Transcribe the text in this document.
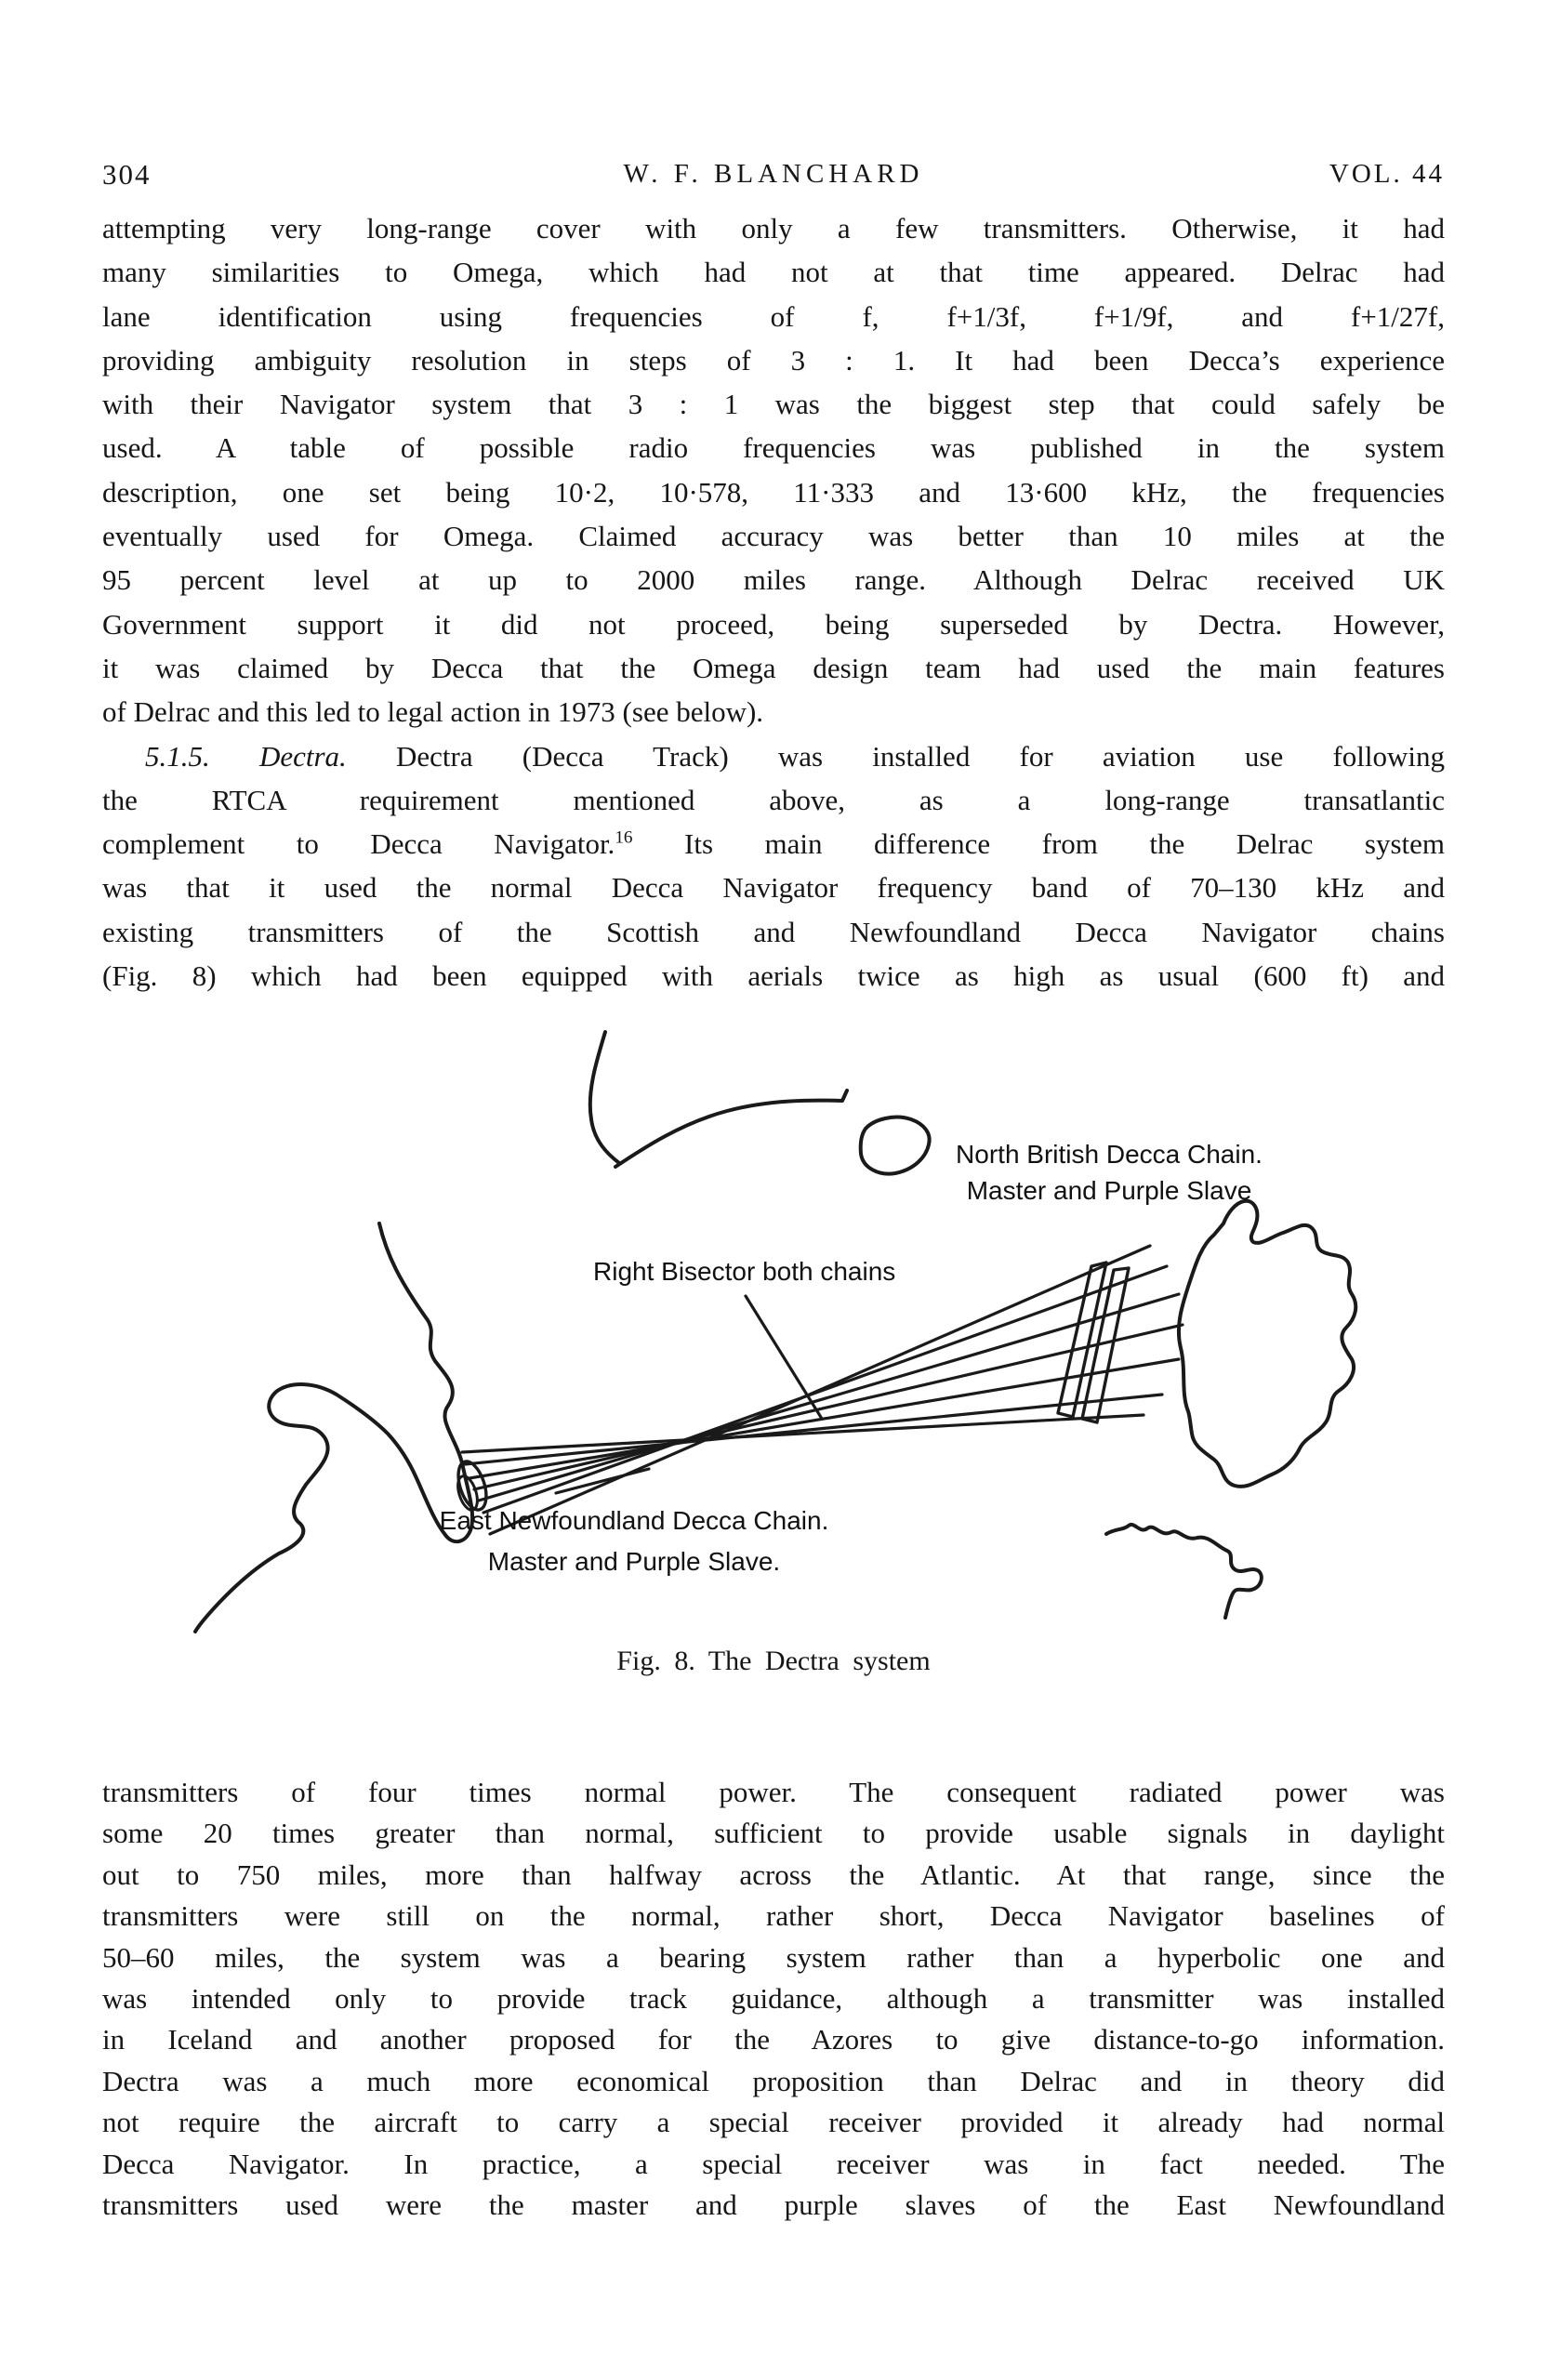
304	W. F. BLANCHARD	VOL. 44
attempting very long-range cover with only a few transmitters. Otherwise, it had
many similarities to Omega, which had not at that time appeared. Delrac had
lane identification using frequencies of f, f+1/3f, f+1/9f, and f+1/27f,
providing ambiguity resolution in steps of 3 : 1. It had been Decca’s experience
with their Navigator system that 3 : 1 was the biggest step that could safely be
used. A table of possible radio frequencies was published in the system
description, one set being 10·2, 10·578, 11·333 and 13·600 kHz, the frequencies
eventually used for Omega. Claimed accuracy was better than 10 miles at the
95 percent level at up to 2000 miles range. Although Delrac received UK
Government support it did not proceed, being superseded by Dectra. However,
it was claimed by Decca that the Omega design team had used the main features
of Delrac and this led to legal action in 1973 (see below).
5.1.5. Dectra. Dectra (Decca Track) was installed for aviation use following
the RTCA requirement mentioned above, as a long-range transatlantic
complement to Decca Navigator.$^{16}$ Its main difference from the Delrac system
was that it used the normal Decca Navigator frequency band of 70–130 kHz and
existing transmitters of the Scottish and Newfoundland Decca Navigator chains
(Fig. 8) which had been equipped with aerials twice as high as usual (600 ft) and
North British Decca Chain.
Master and Purple Slave
Right Bisector both chains
East Newfoundland Decca Chain.
Master and Purple Slave.
Fig. 8. The Dectra system
transmitters of four times normal power. The consequent radiated power was
some 20 times greater than normal, sufficient to provide usable signals in daylight
out to 750 miles, more than halfway across the Atlantic. At that range, since the
transmitters were still on the normal, rather short, Decca Navigator baselines of
50–60 miles, the system was a bearing system rather than a hyperbolic one and
was intended only to provide track guidance, although a transmitter was installed
in Iceland and another proposed for the Azores to give distance-to-go information.
Dectra was a much more economical proposition than Delrac and in theory did
not require the aircraft to carry a special receiver provided it already had normal
Decca Navigator. In practice, a special receiver was in fact needed. The
transmitters used were the master and purple slaves of the East Newfoundland
